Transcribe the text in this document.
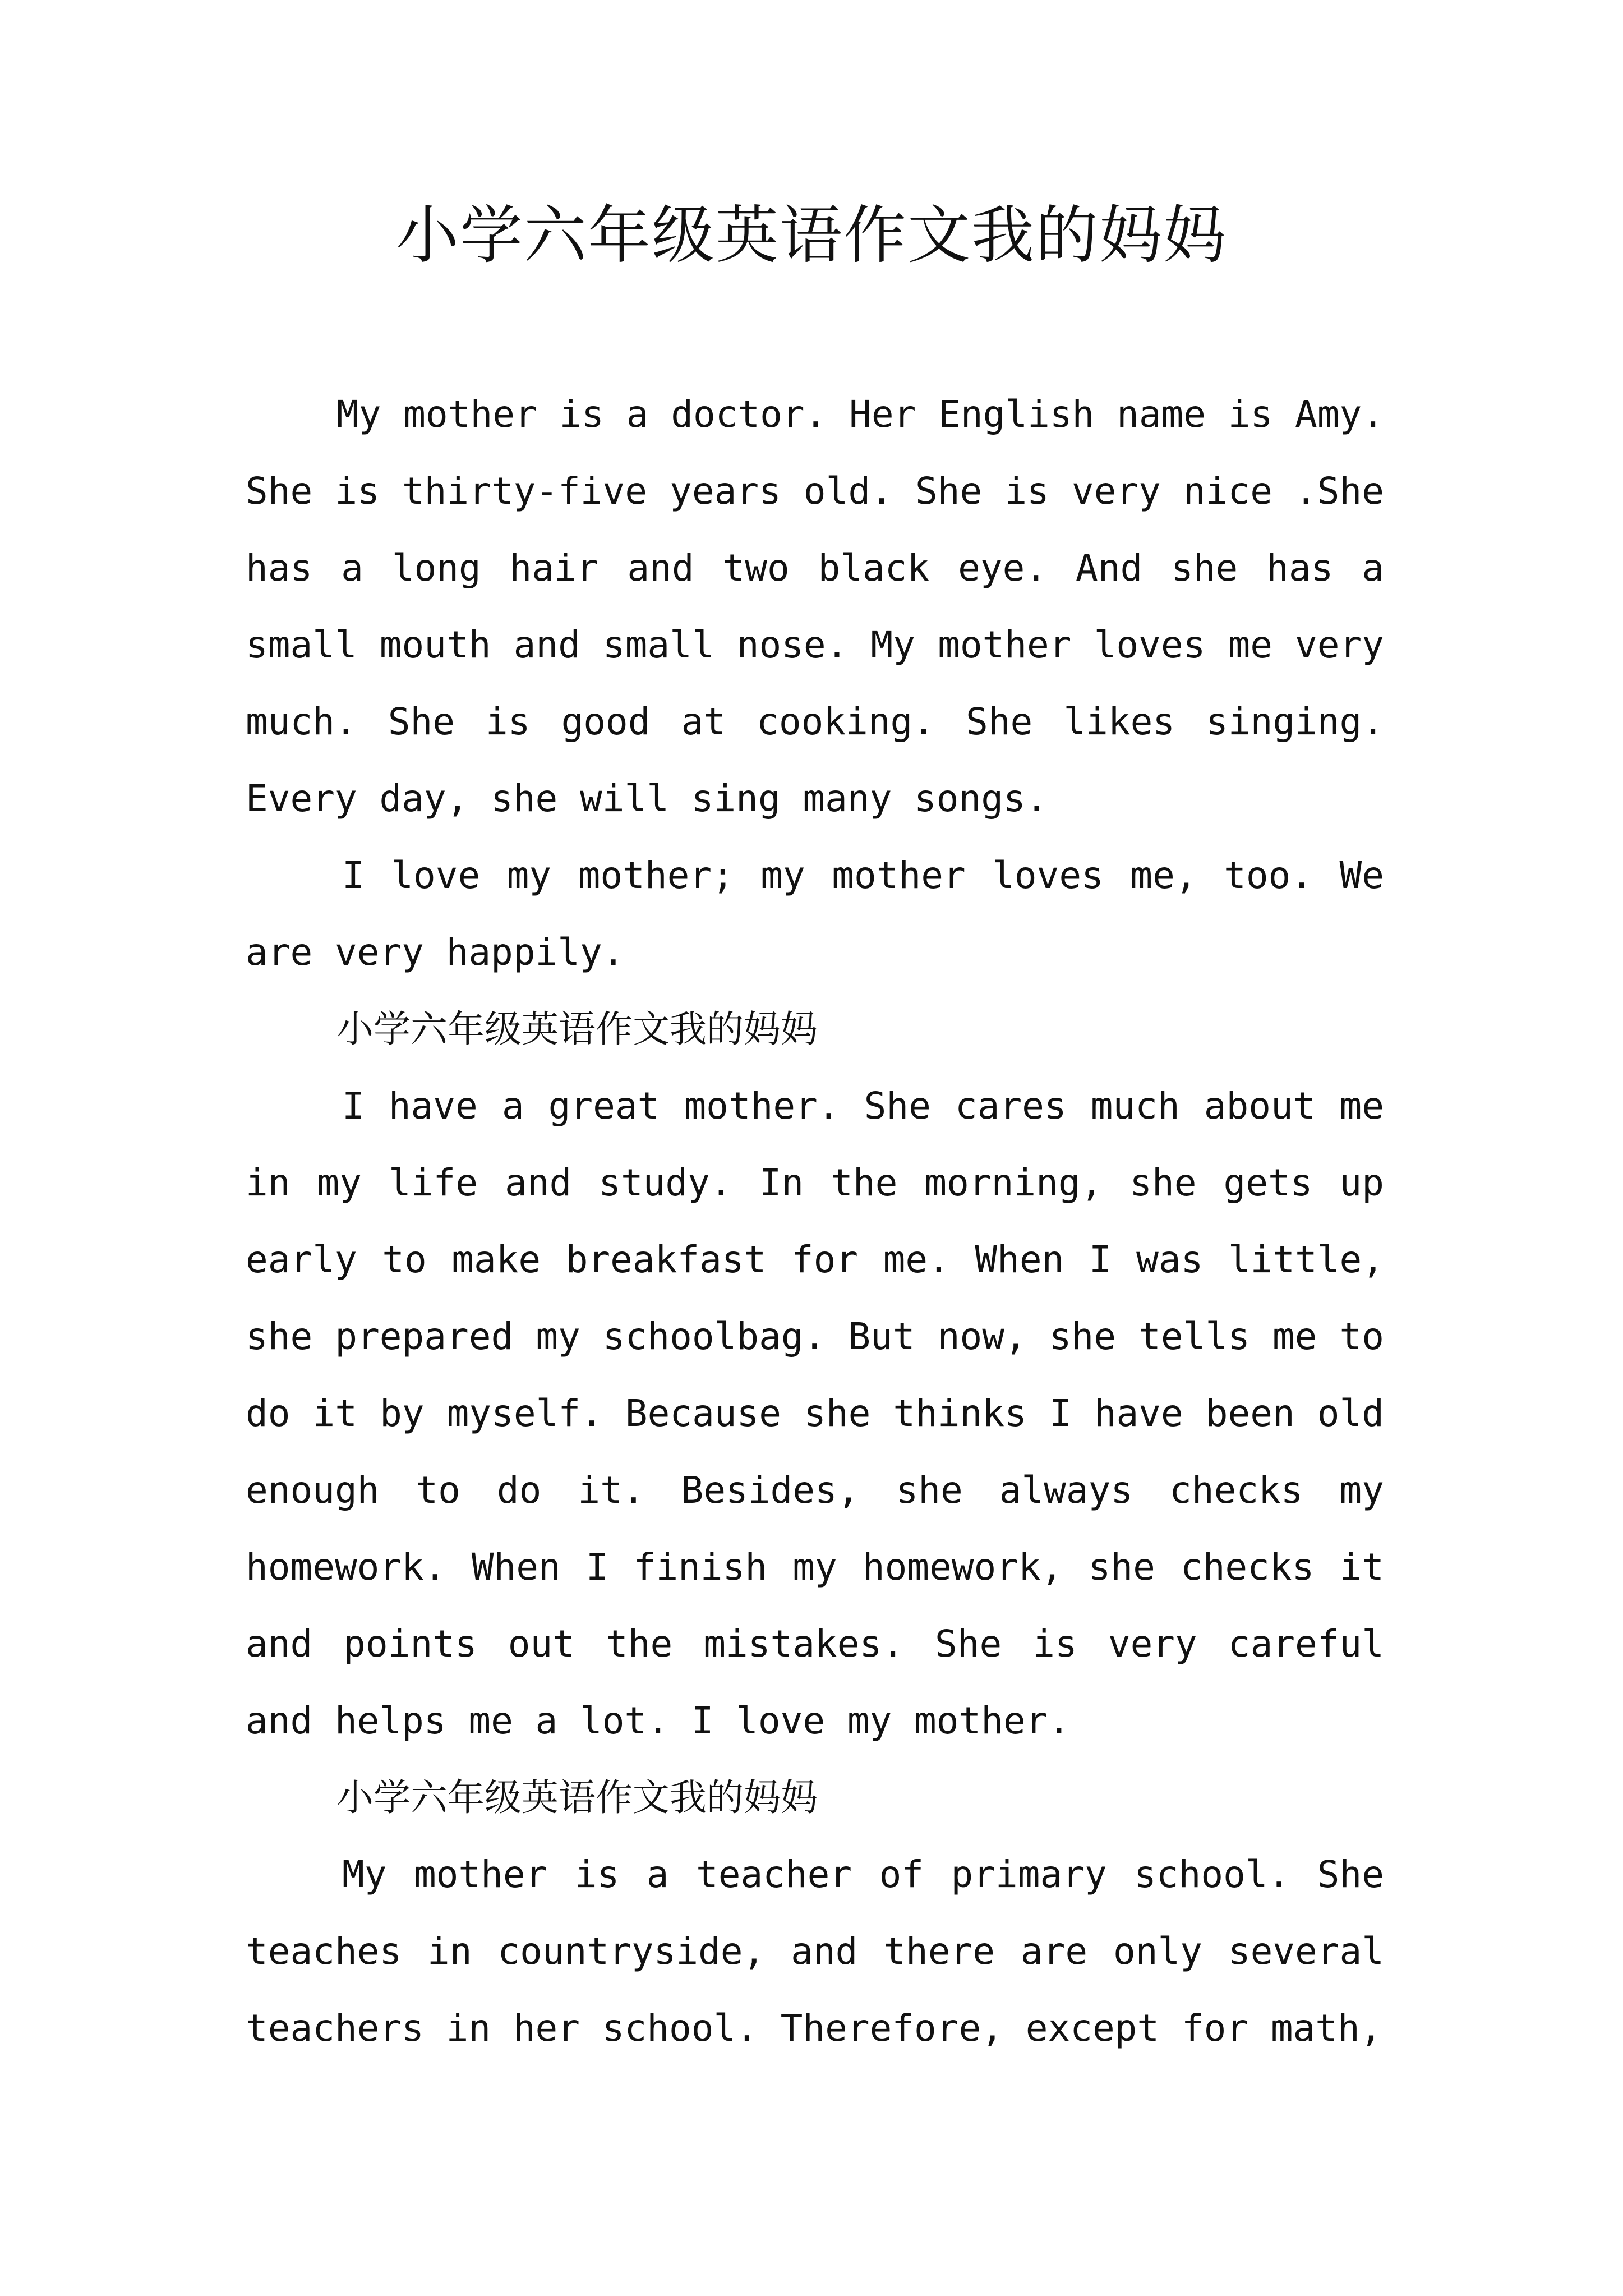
小学六年级英语作文我的妈妈

My mother is a doctor. Her English name is Amy. She is thirty-five years old. She is very nice .She has a long hair and two black eye. And she has a small mouth and small nose. My mother loves me very much. She is good at cooking. She likes singing. Every day, she will sing many songs.

I love my mother; my mother loves me, too. We are very happily.

小学六年级英语作文我的妈妈

I have a great mother. She cares much about me in my life and study. In the morning, she gets up early to make breakfast for me. When I was little, she prepared my schoolbag. But now, she tells me to do it by myself. Because she thinks I have been old enough to do it. Besides, she always checks my homework. When I finish my homework, she checks it and points out the mistakes. She is very careful and helps me a lot. I love my mother.

小学六年级英语作文我的妈妈

My mother is a teacher of primary school. She teaches in countryside, and there are only several teachers in her school. Therefore, except for math,
